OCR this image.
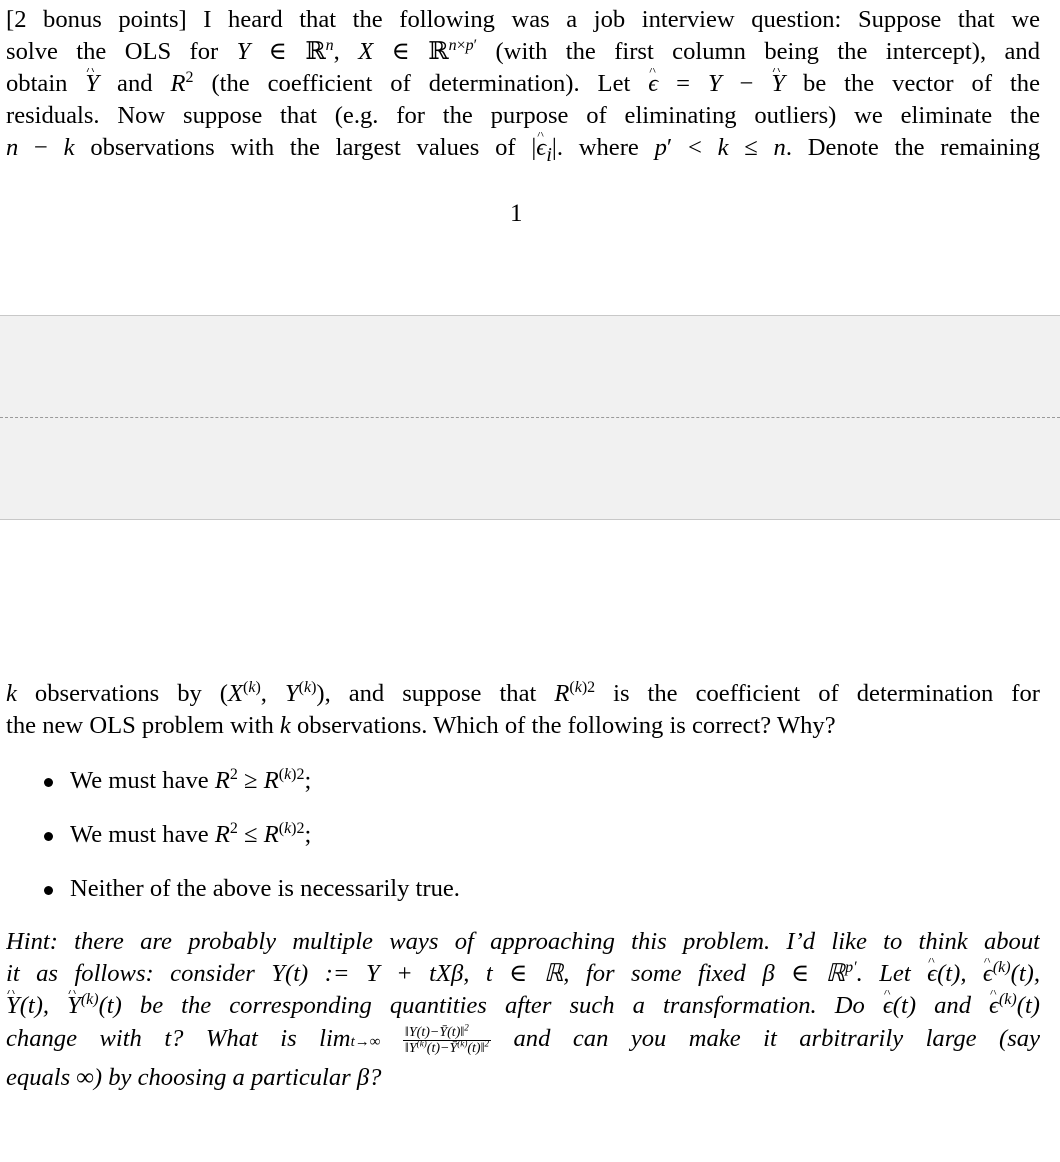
[2 bonus points] I heard that the following was a job interview question: Suppose that we
solve the OLS for Y ∈ ℝ$^n$, X ∈ ℝ$^{n\times p'}$ (with the first column being the intercept), and
obtain ^ Y and $R^2$ (the coefficient of determination). Let ^ ϵ = Y − ^ Y be the vector of the
residuals. Now suppose that (e.g. for the purpose of eliminating outliers) we eliminate the
n − k observations with the largest values of |^ $\epsilon_i|$. where p′ < k ≤ n. Denote the remaining
1
k observations by ($X^{(k)}$, $Y^{(k)}$), and suppose that $R^{(k)2}$ is the coefficient of determination for
the new OLS problem with k observations. Which of the following is correct? Why?
We must have $R^2 \ge R^{(k)2}$;
We must have $R^2 \le R^{(k)2}$;
Neither of the above is necessarily true.
Hint: there are probably multiple ways of approaching this problem. I’d like to think about
it as follows: consider Y(t) := Y + tXβ, t ∈ ℝ, for some fixed β ∈ ℝ$^{p'}$. Let ^ ϵ(t), ^ $\epsilon^{(k)}(t)$,
^ Y(t), ^ $Y^{(k)}(t)$ be the corresponding quantities after such a transformation. Do ^ ϵ(t) and ^ $\epsilon^{(k)}(t)$
change with t? What is $\lim t\to\infty \frac{‖Y(t)-Ȳ(t)‖^2}{‖Y^{(k)}(t)-Ȳ^{(k)}(t)‖^2}$ and can you make it arbitrarily large (say
equals ∞) by choosing a particular β?
